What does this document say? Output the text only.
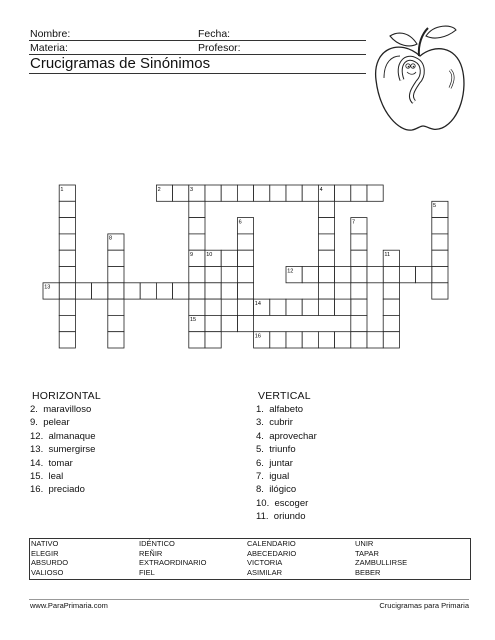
Nombre:	Fecha:
Materia:	Profesor:
Crucigramas de Sinónimos
1	2	3	4
9
15
5
6	7
8
10	11
12
13
14
16
HORIZONTAL
2.  maravilloso
9.  pelear
12.  almanaque
13.  sumergirse
14.  tomar
15.  leal
16.  preciado
VERTICAL
1.  alfabeto
3.  cubrir
4.  aprovechar
5.  triunfo
6.  juntar
7.  igual
8.  ilógico
10.  escoger
11.  oriundo
NATIVO
ELEGIR
ABSURDO
VALIOSO
IDÉNTICO
REÑIR
EXTRAORDINARIO
FIEL
CALENDARIO
ABECEDARIO
VICTORIA
ASIMILAR
UNIR
TAPAR
ZAMBULLIRSE
BEBER
www.ParaPrimaria.com	Crucigramas para Primaria
